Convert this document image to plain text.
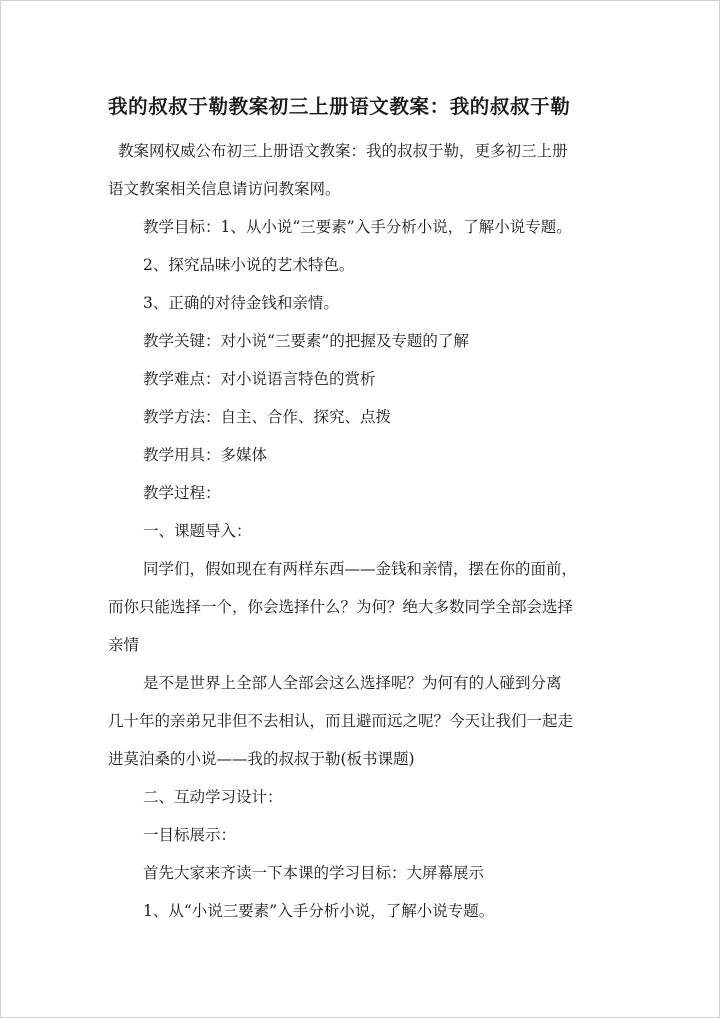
我的叔叔于勒教案初三上册语文教案：我的叔叔于勒

教案网权威公布初三上册语文教案：我的叔叔于勒，更多初三上册

语文教案相关信息请访问教案网。

教学目标：1、从小说“三要素”入手分析小说，了解小说专题。

2、探究品味小说的艺术特色。

3、正确的对待金钱和亲情。

教学关键：对小说“三要素”的把握及专题的了解

教学难点：对小说语言特色的赏析

教学方法：自主、合作、探究、点拨

教学用具：多媒体

教学过程：

一、课题导入：

同学们，假如现在有两样东西——金钱和亲情，摆在你的面前，

而你只能选择一个，你会选择什么？为何？绝大多数同学全部会选择
亲情

是不是世界上全部人全部会这么选择呢？为何有的人碰到分离

几十年的亲弟兄非但不去相认，而且避而远之呢？今天让我们一起走
进莫泊桑的小说——我的叔叔于勒(板书课题)

二、互动学习设计：

一目标展示：

首先大家来齐读一下本课的学习目标：大屏幕展示

1、从“小说三要素”入手分析小说，了解小说专题。
